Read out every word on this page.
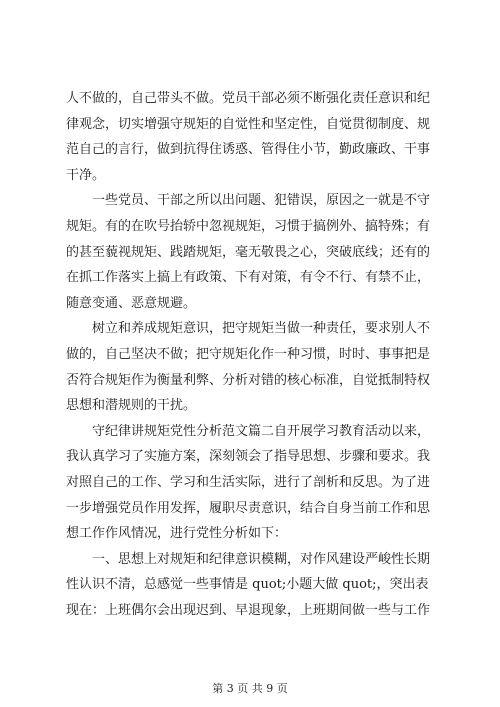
人不做的，自己带头不做。党员干部必须不断强化责任意识和纪
律观念，切实增强守规矩的自觉性和坚定性，自觉贯彻制度、规
范自己的言行，做到抗得住诱惑、管得住小节，勤政廉政、干事
干净。
一些党员、干部之所以出问题、犯错误，原因之一就是不守
规矩。有的在吹号抬轿中忽视规矩，习惯于搞例外、搞特殊；有
的甚至藐视规矩、践踏规矩，毫无敬畏之心，突破底线；还有的
在抓工作落实上搞上有政策、下有对策，有令不行、有禁不止，
随意变通、恶意规避。
树立和养成规矩意识，把守规矩当做一种责任，要求别人不
做的，自己坚决不做；把守规矩化作一种习惯，时时、事事把是
否符合规矩作为衡量利弊、分析对错的核心标准，自觉抵制特权
思想和潜规则的干扰。
守纪律讲规矩党性分析范文篇二自开展学习教育活动以来，
我认真学习了实施方案，深刻领会了指导思想、步骤和要求。我
对照自己的工作、学习和生活实际，进行了剖析和反思。为了进
一步增强党员作用发挥，履职尽责意识，结合自身当前工作和思
想工作作风情况，进行党性分析如下：
一、思想上对规矩和纪律意识模糊，对作风建设严峻性长期
性认识不清，总感觉一些事情是 quot;小题大做 quot;，突出表
现在：上班偶尔会出现迟到、早退现象，上班期间做一些与工作
第 3 页 共 9 页
